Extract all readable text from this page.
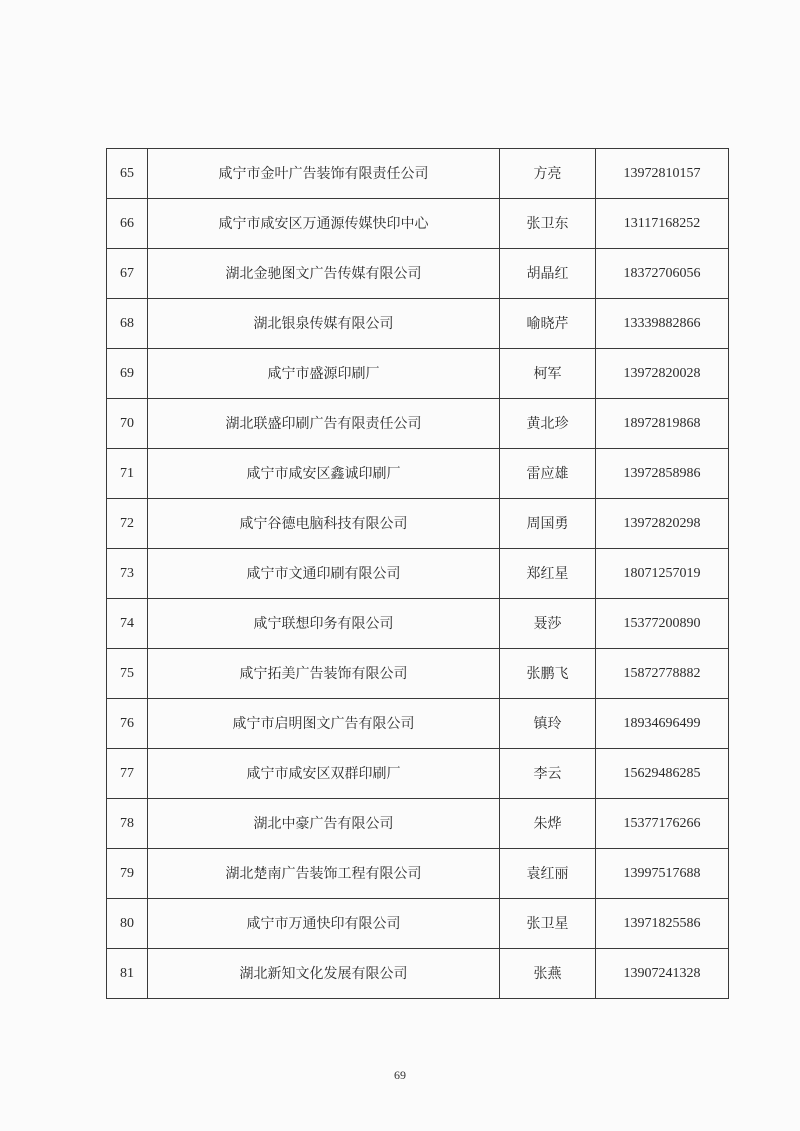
65	咸宁市金叶广告装饰有限责任公司	方亮	13972810157
66	咸宁市咸安区万通源传媒快印中心	张卫东	13117168252
67	湖北金驰图文广告传媒有限公司	胡晶红	18372706056
68	湖北银泉传媒有限公司	喻晓芹	13339882866
69	咸宁市盛源印刷厂	柯军	13972820028
70	湖北联盛印刷广告有限责任公司	黄北珍	18972819868
71	咸宁市咸安区鑫诚印刷厂	雷应雄	13972858986
72	咸宁谷德电脑科技有限公司	周国勇	13972820298
73	咸宁市文通印刷有限公司	郑红星	18071257019
74	咸宁联想印务有限公司	聂莎	15377200890
75	咸宁拓美广告装饰有限公司	张鹏飞	15872778882
76	咸宁市启明图文广告有限公司	镇玲	18934696499
77	咸宁市咸安区双群印刷厂	李云	15629486285
78	湖北中豪广告有限公司	朱烨	15377176266
79	湖北楚南广告装饰工程有限公司	袁红丽	13997517688
80	咸宁市万通快印有限公司	张卫星	13971825586
81	湖北新知文化发展有限公司	张燕	13907241328
69
